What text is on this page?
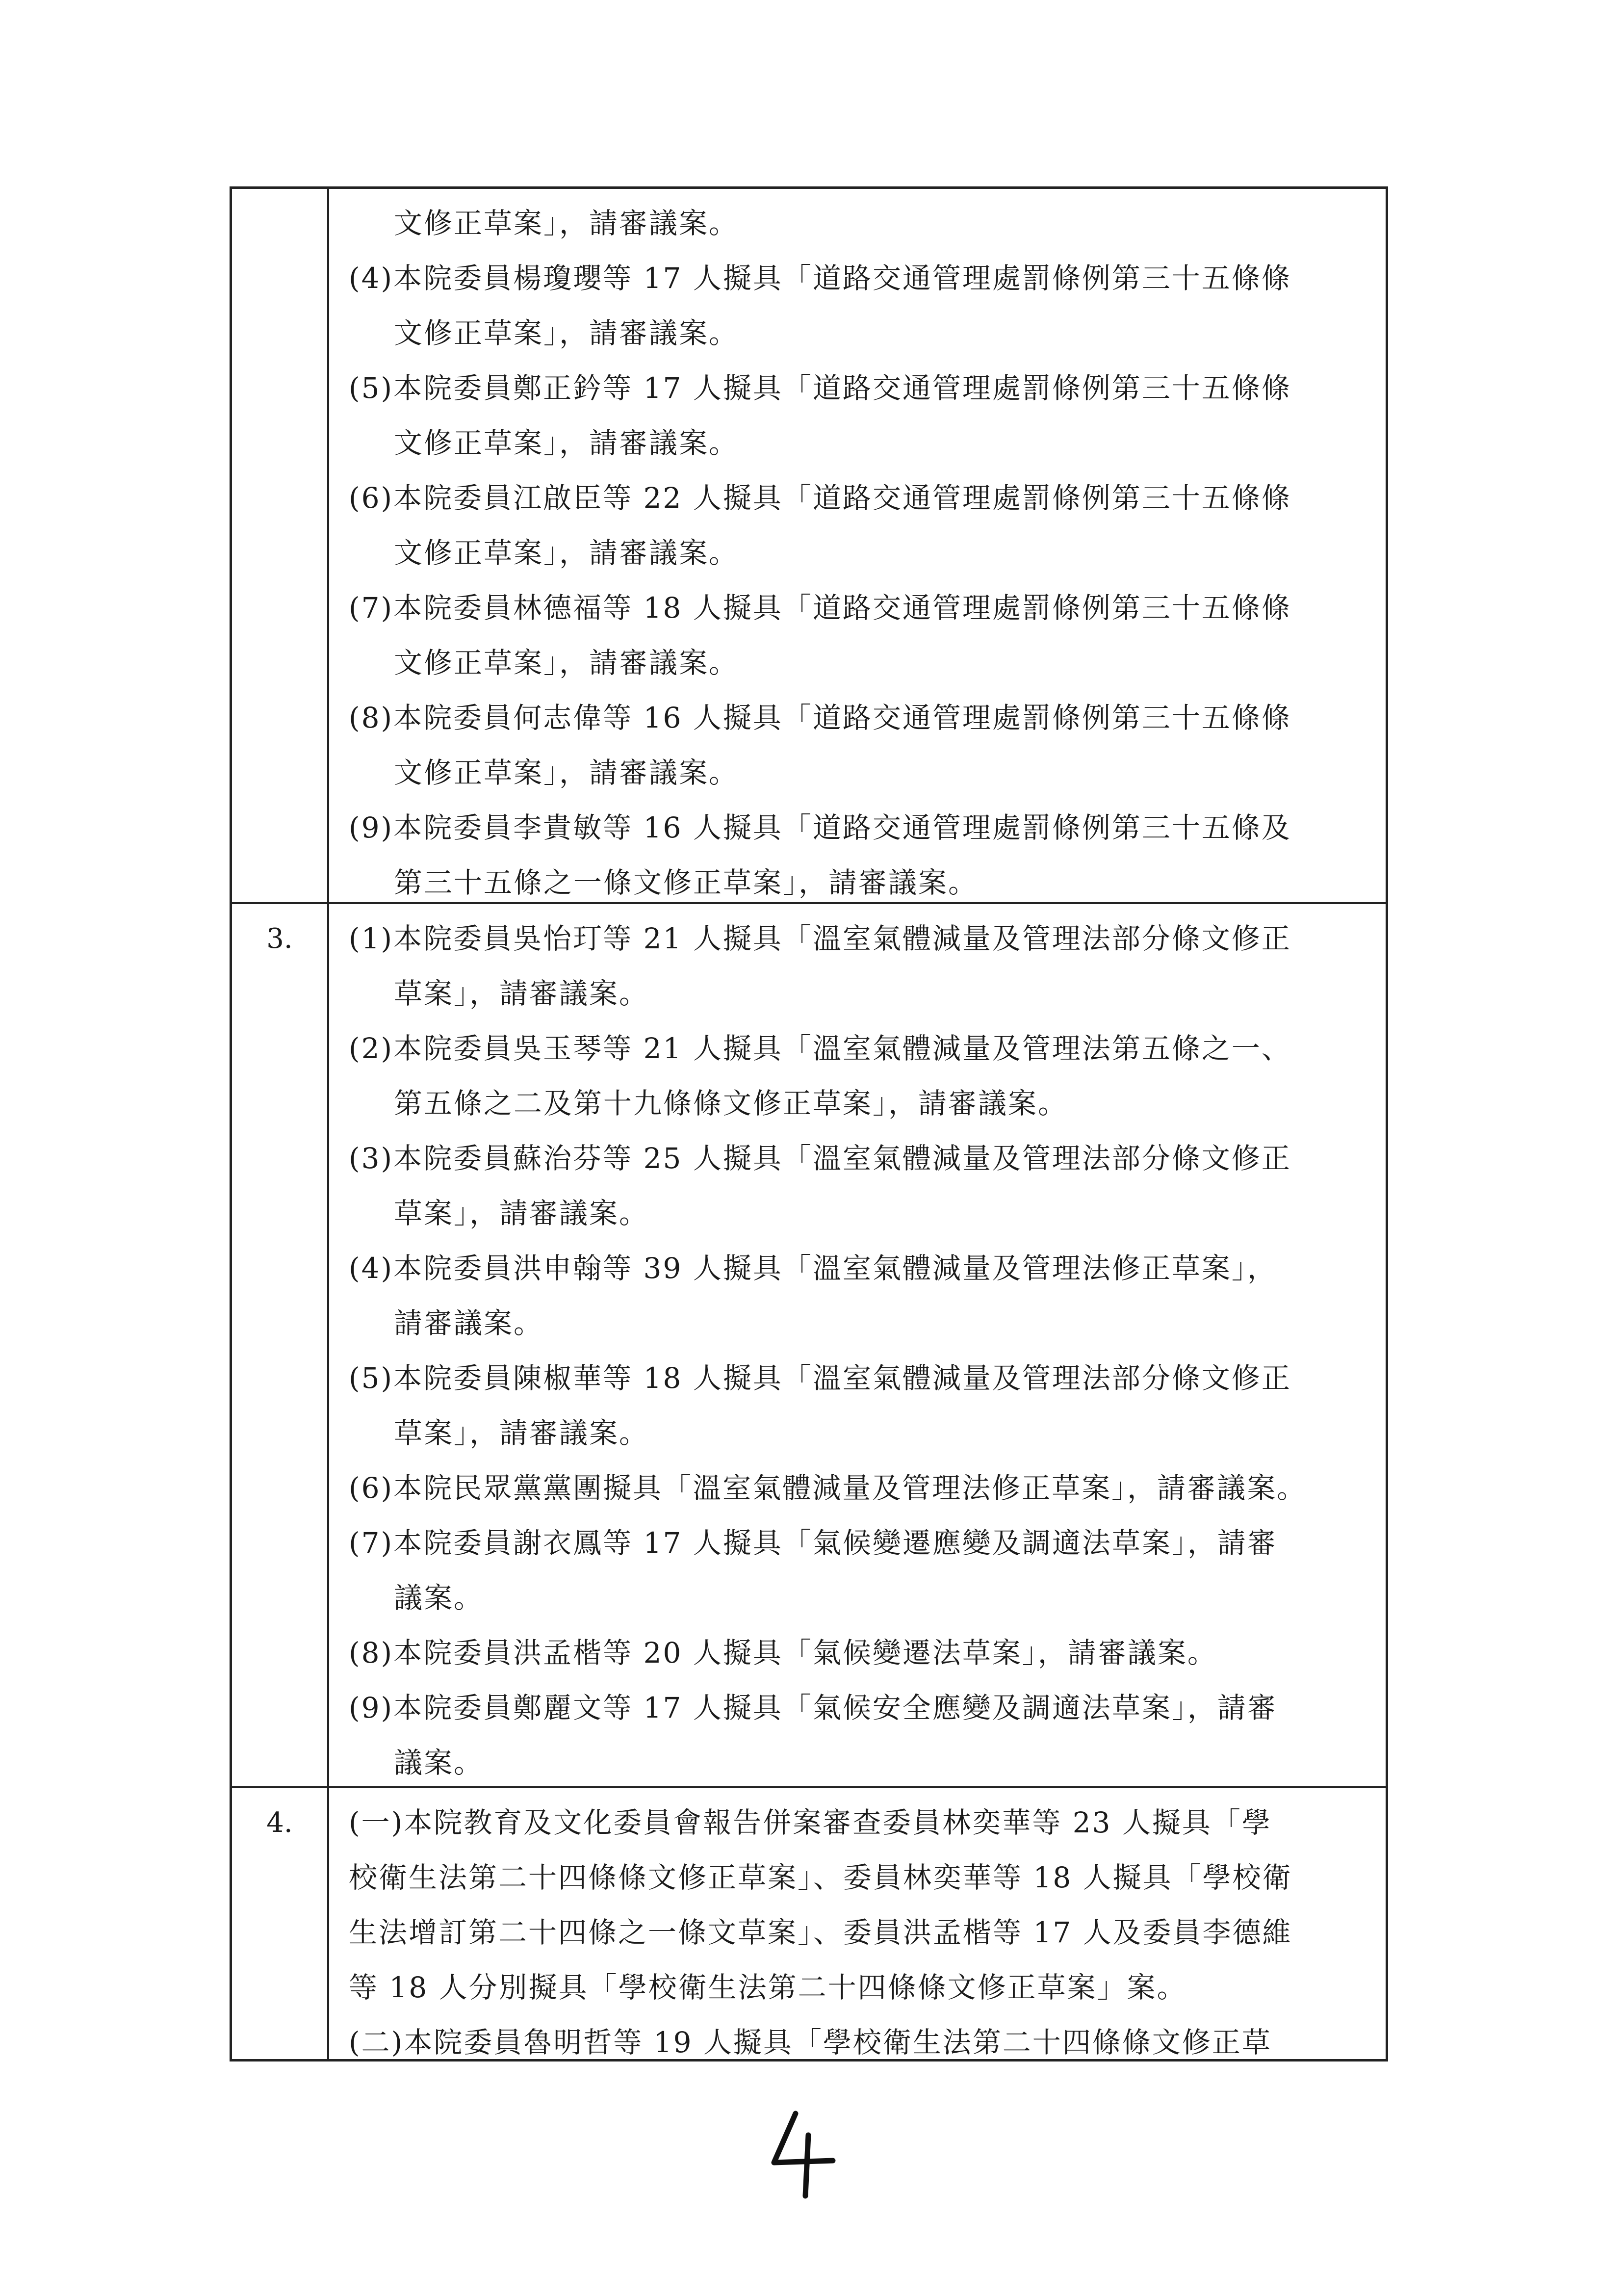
文修正草案」，請審議案。
(4)本院委員楊瓊瓔等 17 人擬具「道路交通管理處罰條例第三十五條條
文修正草案」，請審議案。
(5)本院委員鄭正鈐等 17 人擬具「道路交通管理處罰條例第三十五條條
文修正草案」，請審議案。
(6)本院委員江啟臣等 22 人擬具「道路交通管理處罰條例第三十五條條
文修正草案」，請審議案。
(7)本院委員林德福等 18 人擬具「道路交通管理處罰條例第三十五條條
文修正草案」，請審議案。
(8)本院委員何志偉等 16 人擬具「道路交通管理處罰條例第三十五條條
文修正草案」，請審議案。
(9)本院委員李貴敏等 16 人擬具「道路交通管理處罰條例第三十五條及
第三十五條之一條文修正草案」，請審議案。
3.	(1)本院委員吳怡玎等 21 人擬具「溫室氣體減量及管理法部分條文修正
草案」，請審議案。
(2)本院委員吳玉琴等 21 人擬具「溫室氣體減量及管理法第五條之一、
第五條之二及第十九條條文修正草案」，請審議案。
(3)本院委員蘇治芬等 25 人擬具「溫室氣體減量及管理法部分條文修正
草案」，請審議案。
(4)本院委員洪申翰等 39 人擬具「溫室氣體減量及管理法修正草案」，
請審議案。
(5)本院委員陳椒華等 18 人擬具「溫室氣體減量及管理法部分條文修正
草案」，請審議案。
(6)本院民眾黨黨團擬具「溫室氣體減量及管理法修正草案」，請審議案。
(7)本院委員謝衣鳳等 17 人擬具「氣候變遷應變及調適法草案」，請審
議案。
(8)本院委員洪孟楷等 20 人擬具「氣候變遷法草案」，請審議案。
(9)本院委員鄭麗文等 17 人擬具「氣候安全應變及調適法草案」，請審
議案。
4.	(一)本院教育及文化委員會報告併案審查委員林奕華等 23 人擬具「學
校衛生法第二十四條條文修正草案」、委員林奕華等 18 人擬具「學校衛
生法增訂第二十四條之一條文草案」、委員洪孟楷等 17 人及委員李德維
等 18 人分別擬具「學校衛生法第二十四條條文修正草案」案。
(二)本院委員魯明哲等 19 人擬具「學校衛生法第二十四條條文修正草
